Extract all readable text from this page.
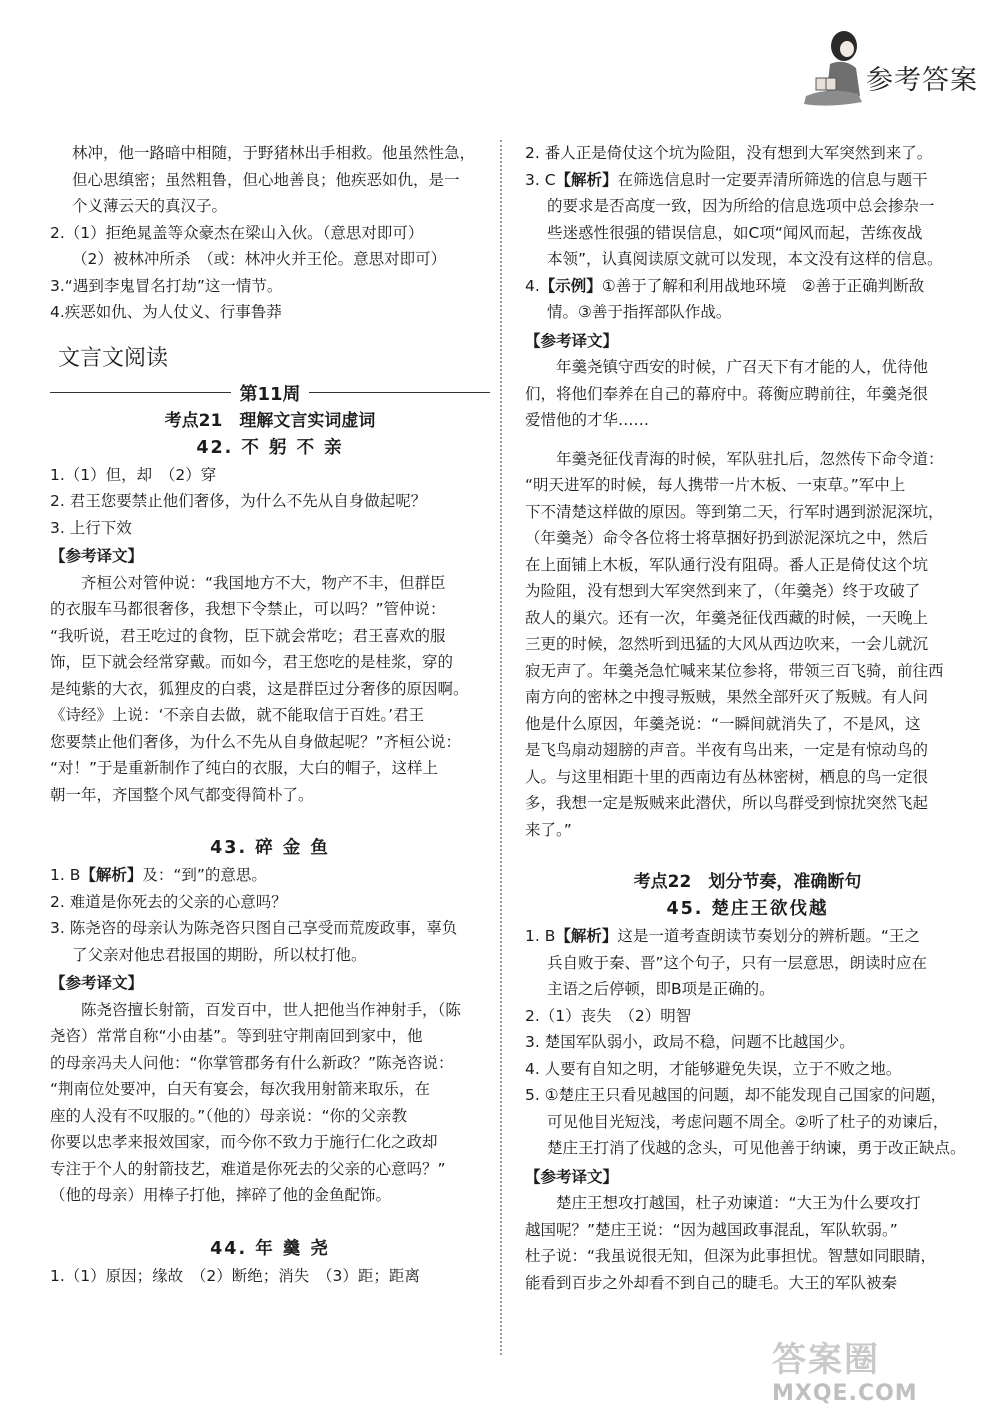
参考答案

林冲，他一路暗中相随，于野猪林出手相救。他虽然性急，

但心思缜密；虽然粗鲁，但心地善良；他疾恶如仇，是一

个义薄云天的真汉子。

2.（1）拒绝晁盖等众豪杰在梁山入伙。（意思对即可）

（2）被林冲所杀　（或：林冲火并王伦。意思对即可）

3.“遇到李鬼冒名打劫”这一情节。

4.疾恶如仇、为人仗义、行事鲁莽

文言文阅读
第11周
考点21　理解文言实词虚词
42. 不 躬 不 亲

1.（1）但，却　（2）穿

2. 君王您要禁止他们奢侈，为什么不先从自身做起呢？

3. 上行下效

【参考译文】

齐桓公对管仲说：“我国地方不大，物产不丰，但群臣

的衣服车马都很奢侈，我想下令禁止，可以吗？”管仲说：

“我听说，君王吃过的食物，臣下就会常吃；君王喜欢的服

饰，臣下就会经常穿戴。而如今，君王您吃的是桂浆，穿的

是纯紫的大衣，狐狸皮的白裘，这是群臣过分奢侈的原因啊。

《诗经》上说：‘不亲自去做，就不能取信于百姓。’君王

您要禁止他们奢侈，为什么不先从自身做起呢？”齐桓公说：

“对！”于是重新制作了纯白的衣服，大白的帽子，这样上

朝一年，齐国整个风气都变得简朴了。

43. 碎 金 鱼

1. B【解析】及：“到”的意思。

2. 难道是你死去的父亲的心意吗？

3. 陈尧咨的母亲认为陈尧咨只图自己享受而荒废政事，辜负

了父亲对他忠君报国的期盼，所以杖打他。

【参考译文】

陈尧咨擅长射箭，百发百中，世人把他当作神射手，（陈

尧咨）常常自称“小由基”。等到驻守荆南回到家中，他

的母亲冯夫人问他：“你掌管郡务有什么新政？”陈尧咨说：

“荆南位处要冲，白天有宴会，每次我用射箭来取乐，在

座的人没有不叹服的。”（他的）母亲说：“你的父亲教

你要以忠孝来报效国家，而今你不致力于施行仁化之政却

专注于个人的射箭技艺，难道是你死去的父亲的心意吗？”

（他的母亲）用棒子打他，摔碎了他的金鱼配饰。

44. 年 羹 尧

1.（1）原因；缘故　（2）断绝；消失　（3）距；距离

2. 番人正是倚仗这个坑为险阻，没有想到大军突然到来了。

3. C【解析】在筛选信息时一定要弄清所筛选的信息与题干

的要求是否高度一致，因为所给的信息选项中总会掺杂一

些迷惑性很强的错误信息，如C项“闻风而起，苦练夜战

本领”，认真阅读原文就可以发现，本文没有这样的信息。

4.【示例】①善于了解和利用战地环境　②善于正确判断敌

情。③善于指挥部队作战。

【参考译文】

年羹尧镇守西安的时候，广召天下有才能的人，优待他

们，将他们奉养在自己的幕府中。蒋衡应聘前往，年羹尧很

爱惜他的才华……

年羹尧征伐青海的时候，军队驻扎后，忽然传下命令道：

“明天进军的时候，每人携带一片木板、一束草。”军中上

下不清楚这样做的原因。等到第二天，行军时遇到淤泥深坑，

（年羹尧）命令各位将士将草捆好扔到淤泥深坑之中，然后

在上面铺上木板，军队通行没有阻碍。番人正是倚仗这个坑

为险阻，没有想到大军突然到来了，（年羹尧）终于攻破了

敌人的巢穴。还有一次，年羹尧征伐西藏的时候，一天晚上

三更的时候，忽然听到迅猛的大风从西边吹来，一会儿就沉

寂无声了。年羹尧急忙喊来某位参将，带领三百飞骑，前往西

南方向的密林之中搜寻叛贼，果然全部歼灭了叛贼。有人问

他是什么原因，年羹尧说：“一瞬间就消失了，不是风，这

是飞鸟扇动翅膀的声音。半夜有鸟出来，一定是有惊动鸟的

人。与这里相距十里的西南边有丛林密树，栖息的鸟一定很

多，我想一定是叛贼来此潜伏，所以鸟群受到惊扰突然飞起

来了。”

考点22　划分节奏，准确断句
45. 楚庄王欲伐越

1. B【解析】这是一道考查朗读节奏划分的辨析题。“王之

兵自败于秦、晋”这个句子，只有一层意思，朗读时应在

主语之后停顿，即B项是正确的。

2.（1）丧失　（2）明智

3. 楚国军队弱小，政局不稳，问题不比越国少。

4. 人要有自知之明，才能够避免失误，立于不败之地。

5. ①楚庄王只看见越国的问题，却不能发现自己国家的问题，

可见他目光短浅，考虑问题不周全。②听了杜子的劝谏后，

楚庄王打消了伐越的念头，可见他善于纳谏，勇于改正缺点。

【参考译文】

楚庄王想攻打越国，杜子劝谏道：“大王为什么要攻打

越国呢？”楚庄王说：“因为越国政事混乱，军队软弱。”

杜子说：“我虽说很无知，但深为此事担忧。智慧如同眼睛，

能看到百步之外却看不到自己的睫毛。大王的军队被秦

答案圈
MXQE.COM
